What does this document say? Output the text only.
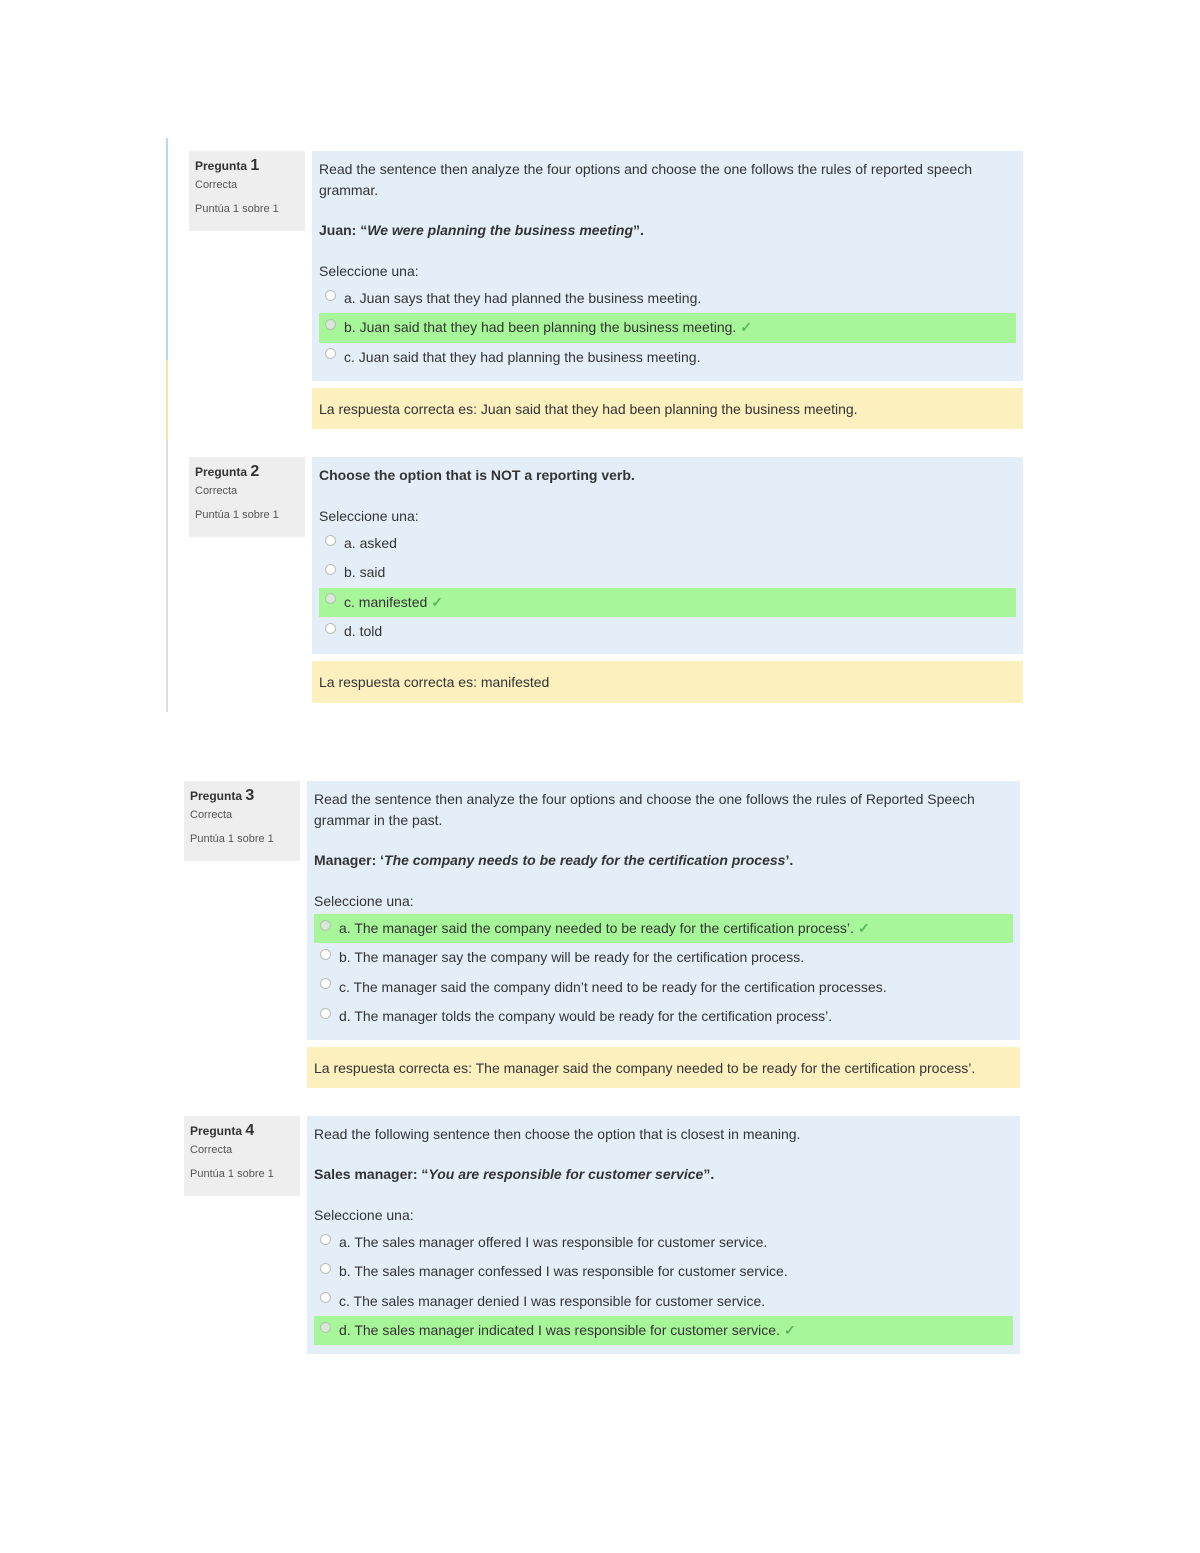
Pregunta 1
Correcta
Puntúa 1 sobre 1

Read the sentence then analyze the four options and choose the one follows the rules of reported speech grammar.

Juan: “We were planning the business meeting”.

Seleccione una:
a. Juan says that they had planned the business meeting.
b. Juan said that they had been planning the business meeting. ✓
c. Juan said that they had planning the business meeting.
La respuesta correcta es: Juan said that they had been planning the business meeting.
Pregunta 2
Correcta
Puntúa 1 sobre 1

Choose the option that is NOT a reporting verb.

Seleccione una:
a. asked
b. said
c. manifested ✓
d. told
La respuesta correcta es: manifested
Pregunta 3
Correcta
Puntúa 1 sobre 1

Read the sentence then analyze the four options and choose the one follows the rules of Reported Speech grammar in the past.

Manager: ‘The company needs to be ready for the certification process’.

Seleccione una:
a. The manager said the company needed to be ready for the certification process’. ✓
b. The manager say the company will be ready for the certification process.
c. The manager said the company didn’t need to be ready for the certification processes.
d. The manager tolds the company would be ready for the certification process’.
La respuesta correcta es: The manager said the company needed to be ready for the certification process’.
Pregunta 4
Correcta
Puntúa 1 sobre 1

Read the following sentence then choose the option that is closest in meaning.

Sales manager: “You are responsible for customer service”.

Seleccione una:
a. The sales manager offered I was responsible for customer service.
b. The sales manager confessed I was responsible for customer service.
c. The sales manager denied I was responsible for customer service.
d. The sales manager indicated I was responsible for customer service. ✓
